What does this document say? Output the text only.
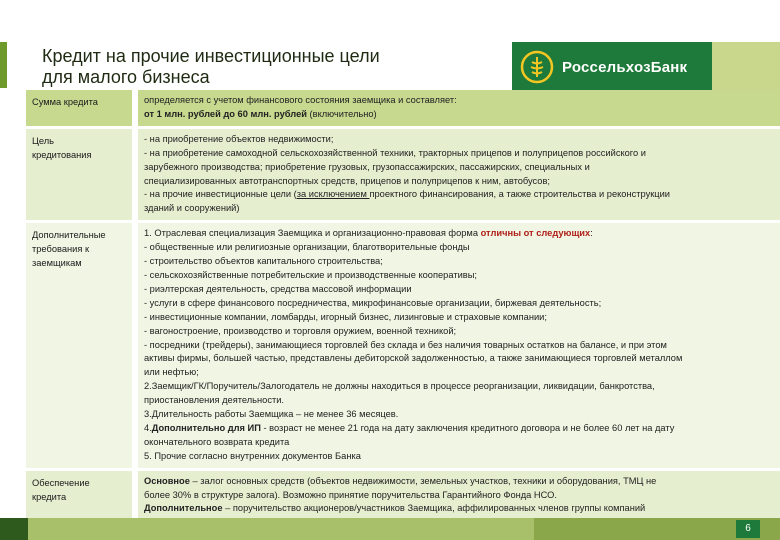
Кредит на прочие инвестиционные цели
для малого бизнеса	РоссельхозБанк
Сумма кредита	определяется с учетом финансового состояния заемщика и составляет:
от 1 млн. рублей до 60 млн. рублей (включительно)
Цель
кредитования
- на приобретение объектов недвижимости;
- на приобретение самоходной сельскохозяйственной техники, тракторных прицепов и полуприцепов российского и
зарубежного производства; приобретение грузовых, грузопассажирских, пассажирских, специальных и
специализированных автотранспортных средств, прицепов и полуприцепов к ним, автобусов;
- на прочие инвестиционные цели (за исключением проектного финансирования, а также строительства и реконструкции
зданий и сооружений)
Дополнительные
требования к
заемщикам
1. Отраслевая специализация Заемщика и организационно-правовая форма отличны от следующих:
- общественные или религиозные организации, благотворительные фонды
- строительство объектов капитального строительства;
- сельскохозяйственные потребительские и производственные кооперативы;
- риэлтерская деятельность, средства массовой информации
- услуги в сфере финансового посредничества, микрофинансовые организации, биржевая деятельность;
- инвестиционные компании, ломбарды, игорный бизнес, лизинговые и страховые компании;
- вагоностроение, производство и торговля оружием, военной техникой;
- посредники (трейдеры), занимающиеся торговлей без склада и без наличия товарных остатков на балансе, и при этом
активы фирмы, большей частью, представлены дебиторской задолженностью, а также занимающиеся торговлей металлом
или нефтью;
2.Заемщик/ГК/Поручитель/Залогодатель не должны находиться в процессе реорганизации, ликвидации, банкротства,
приостановления деятельности.
3.Длительность работы Заемщика – не менее 36 месяцев.
4.Дополнительно для ИП - возраст не менее 21 года на дату заключения кредитного договора и не более 60 лет на дату
окончательного возврата кредита
5. Прочие согласно внутренних документов Банка
Обеспечение
кредита
Основное – залог основных средств (объектов недвижимости, земельных участков, техники и оборудования, ТМЦ не
более 30% в структуре залога). Возможно принятие поручительства Гарантийного Фонда НСО.
Дополнительное – поручительство акционеров/участников Заемщика, аффилированных членов группы компаний
6
